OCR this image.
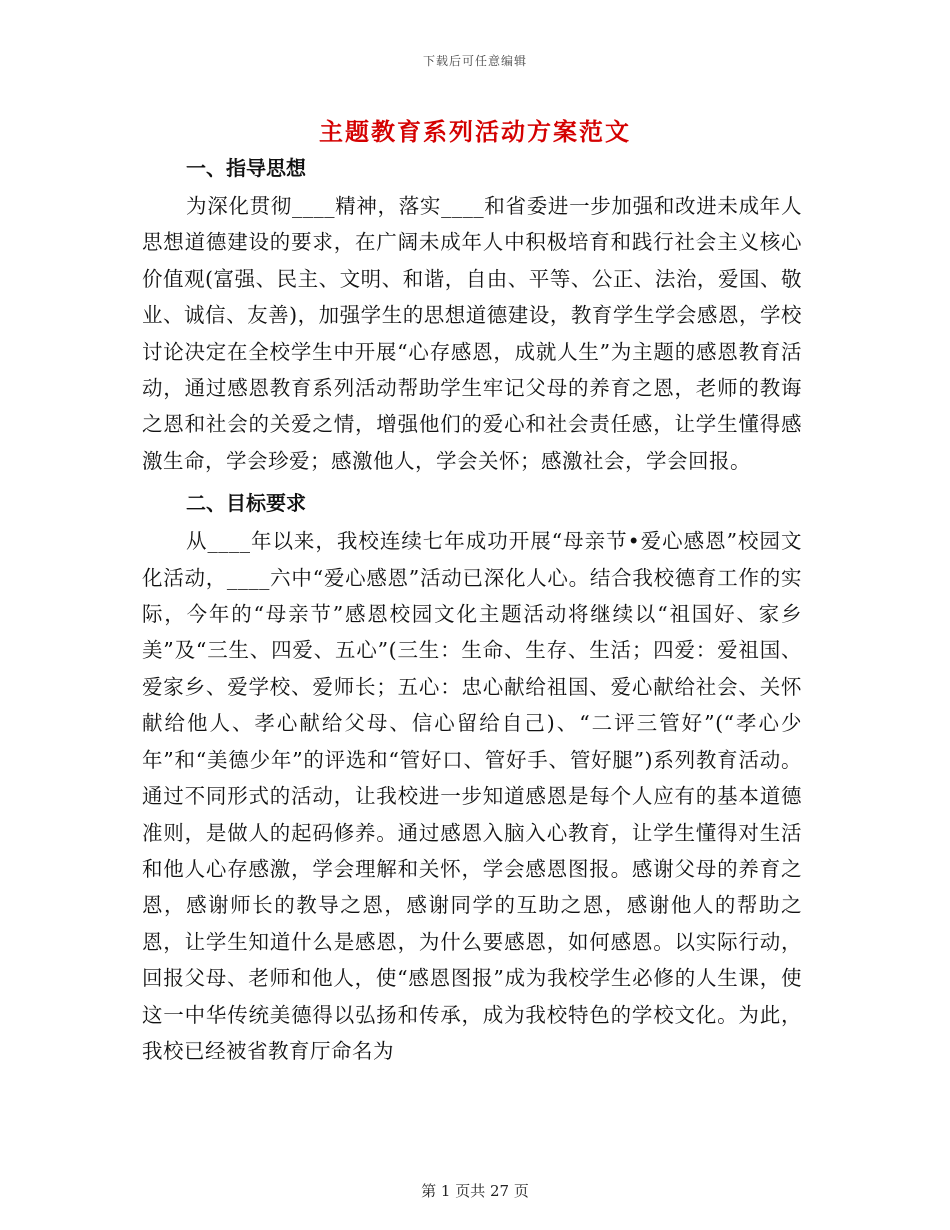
下载后可任意编辑
主题教育系列活动方案范文
一、指导思想

为深化贯彻____精神，落实____和省委进一步加强和改进未成年人思想道德建设的要求，在广阔未成年人中积极培育和践行社会主义核心价值观(富强、民主、文明、和谐，自由、平等、公正、法治，爱国、敬业、诚信、友善)，加强学生的思想道德建设，教育学生学会感恩，学校讨论决定在全校学生中开展“心存感恩，成就人生”为主题的感恩教育活动，通过感恩教育系列活动帮助学生牢记父母的养育之恩，老师的教诲之恩和社会的关爱之情，增强他们的爱心和社会责任感，让学生懂得感激生命，学会珍爱；感激他人，学会关怀；感激社会，学会回报。

二、目标要求

从____年以来，我校连续七年成功开展“母亲节•爱心感恩”校园文化活动，____六中“爱心感恩”活动已深化人心。结合我校德育工作的实际，今年的“母亲节”感恩校园文化主题活动将继续以“祖国好、家乡美”及“三生、四爱、五心”(三生：生命、生存、生活；四爱：爱祖国、爱家乡、爱学校、爱师长；五心：忠心献给祖国、爱心献给社会、关怀献给他人、孝心献给父母、信心留给自己)、“二评三管好”(“孝心少年”和“美德少年”的评选和“管好口、管好手、管好腿”)系列教育活动。通过不同形式的活动，让我校进一步知道感恩是每个人应有的基本道德准则，是做人的起码修养。通过感恩入脑入心教育，让学生懂得对生活和他人心存感激，学会理解和关怀，学会感恩图报。感谢父母的养育之恩，感谢师长的教导之恩，感谢同学的互助之恩，感谢他人的帮助之恩，让学生知道什么是感恩，为什么要感恩，如何感恩。以实际行动，回报父母、老师和他人，使“感恩图报”成为我校学生必修的人生课，使这一中华传统美德得以弘扬和传承，成为我校特色的学校文化。为此，我校已经被省教育厅命名为

第 1 页共 27 页
